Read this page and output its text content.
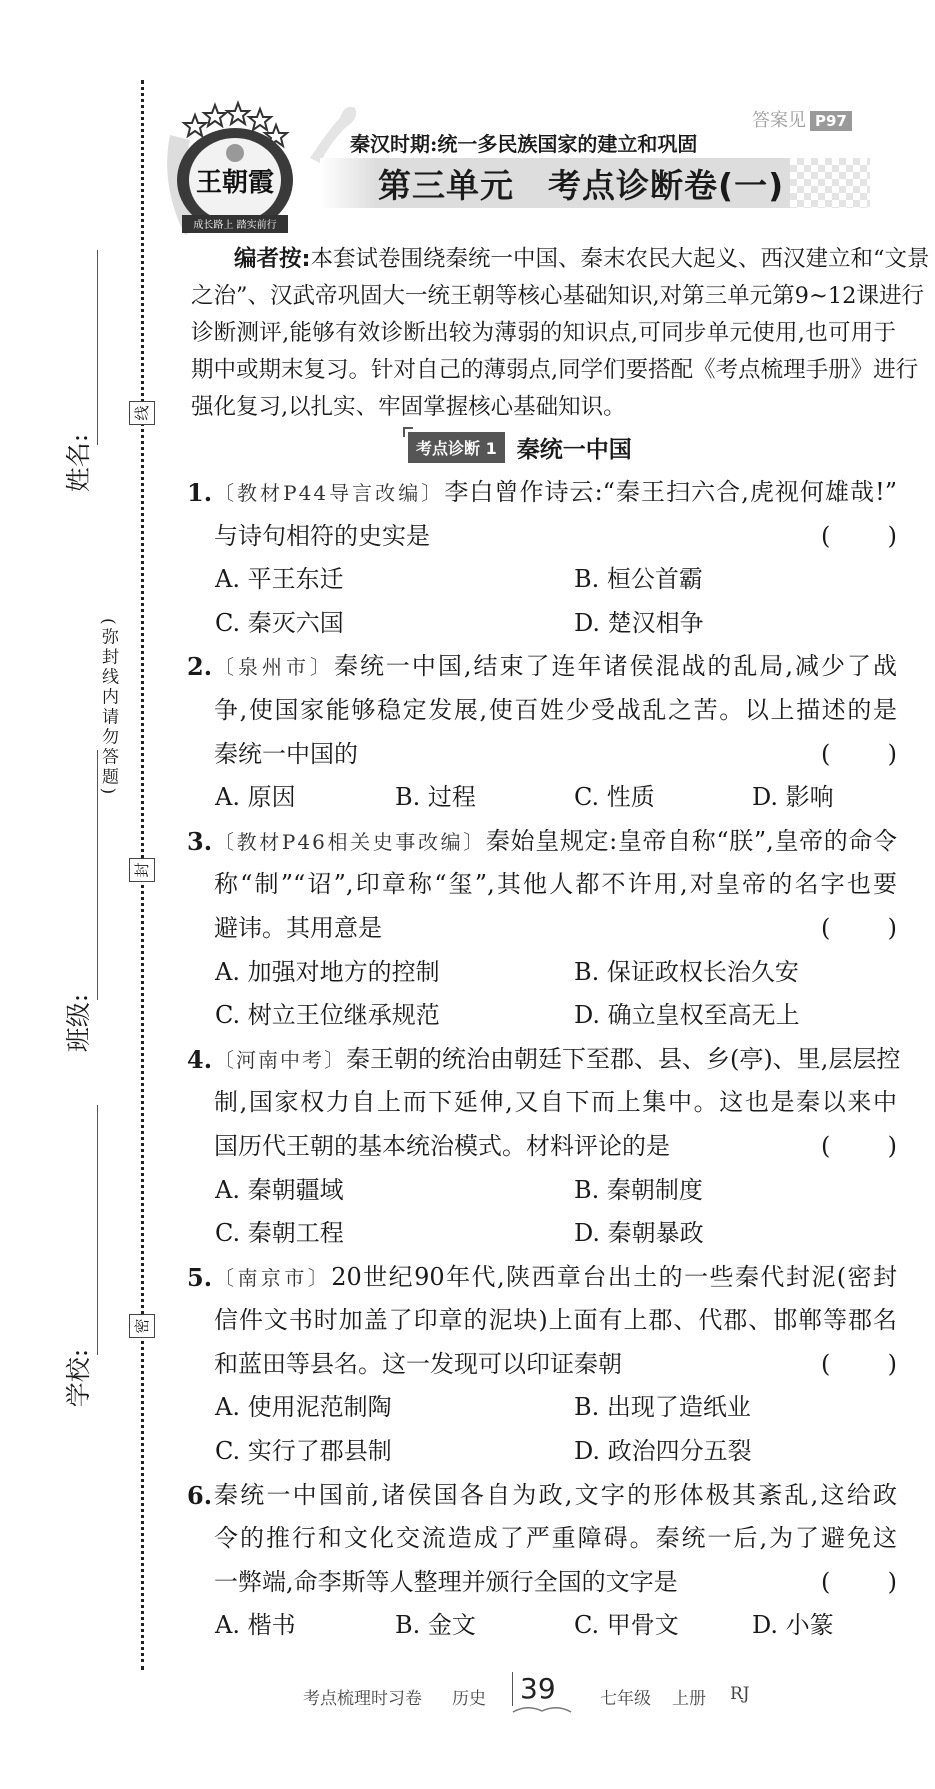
姓名:
班级:
学校:
(弥封线内请勿答题)
线
封
密
王朝霞
成长路上 踏实前行
答案见 P97
秦汉时期:统一多民族国家的建立和巩固
第三单元　考点诊断卷(一)
编者按:本套试卷围绕秦统一中国、秦末农民大起义、西汉建立和“文景
之治”、汉武帝巩固大一统王朝等核心基础知识,对第三单元第9~12课进行
诊断测评,能够有效诊断出较为薄弱的知识点,可同步单元使用,也可用于
期中或期末复习。针对自己的薄弱点,同学们要搭配《考点梳理手册》进行
强化复习,以扎实、牢固掌握核心基础知识。
考点诊断 1 秦统一中国
1. 〔教材P44导言改编〕李白曾作诗云:“秦王扫六合,虎视何雄哉!”
与诗句相符的史实是	( )
A. 平王东迁	B. 桓公首霸
C. 秦灭六国	D. 楚汉相争
2. 〔泉州市〕秦统一中国,结束了连年诸侯混战的乱局,减少了战
争,使国家能够稳定发展,使百姓少受战乱之苦。以上描述的是
秦统一中国的	( )
A. 原因	B. 过程	C. 性质	D. 影响
3. 〔教材P46相关史事改编〕秦始皇规定:皇帝自称“朕”,皇帝的命令
称“制”“诏”,印章称“玺”,其他人都不许用,对皇帝的名字也要
避讳。其用意是	( )
A. 加强对地方的控制	B. 保证政权长治久安
C. 树立王位继承规范	D. 确立皇权至高无上
4. 〔河南中考〕秦王朝的统治由朝廷下至郡、县、乡(亭)、里,层层控
制,国家权力自上而下延伸,又自下而上集中。这也是秦以来中
国历代王朝的基本统治模式。材料评论的是	( )
A. 秦朝疆域	B. 秦朝制度
C. 秦朝工程	D. 秦朝暴政
5. 〔南京市〕20世纪90年代,陕西章台出土的一些秦代封泥(密封
信件文书时加盖了印章的泥块)上面有上郡、代郡、邯郸等郡名
和蓝田等县名。这一发现可以印证秦朝	( )
A. 使用泥范制陶	B. 出现了造纸业
C. 实行了郡县制	D. 政治四分五裂
6. 秦统一中国前,诸侯国各自为政,文字的形体极其紊乱,这给政
令的推行和文化交流造成了严重障碍。秦统一后,为了避免这
一弊端,命李斯等人整理并颁行全国的文字是	( )
A. 楷书	B. 金文	C. 甲骨文	D. 小篆
考点梳理时习卷 历史 39	七年级 上册 RJ
